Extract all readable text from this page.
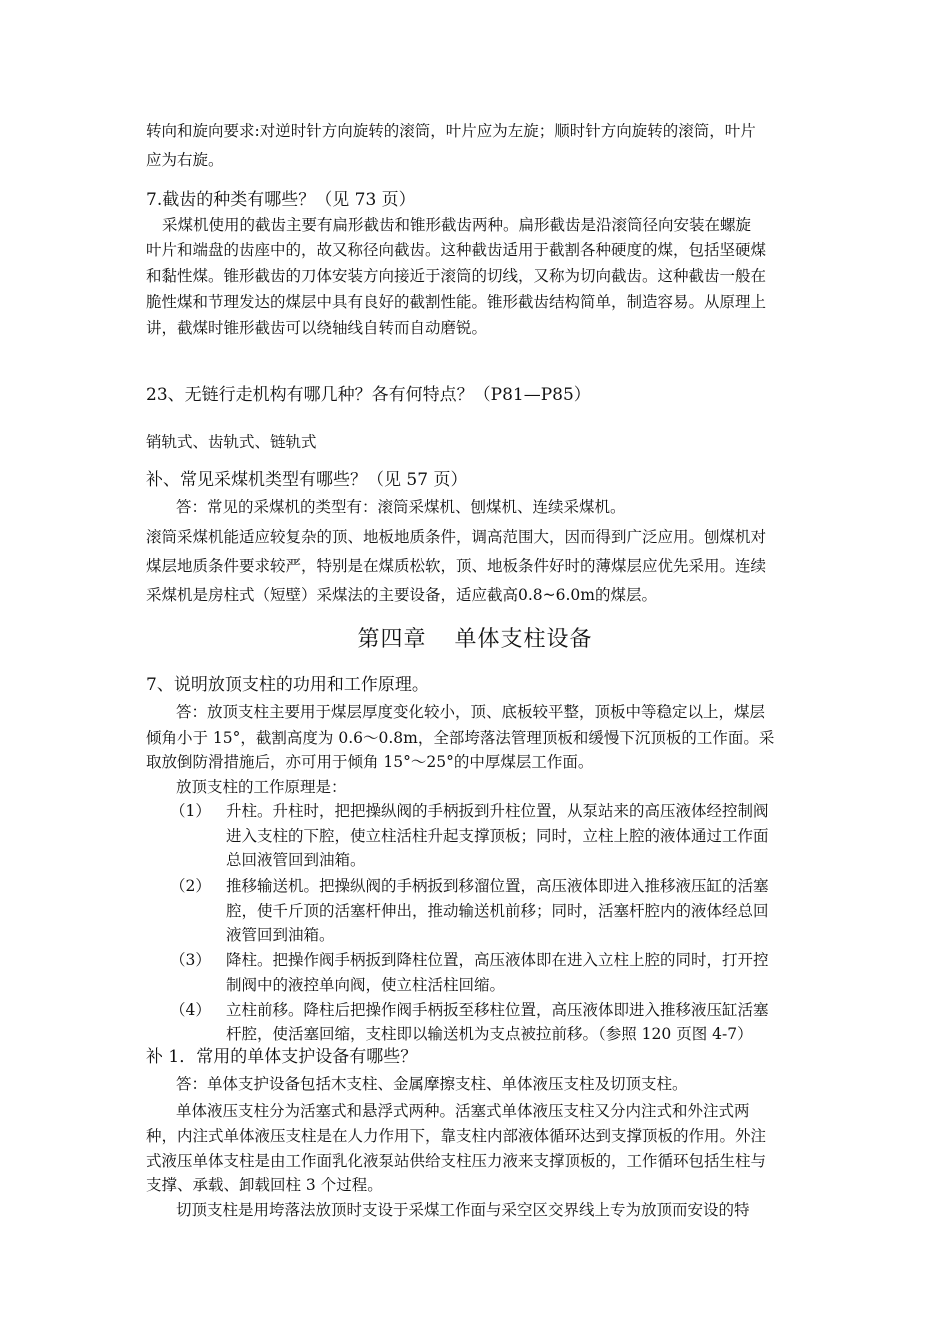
转向和旋向要求:对逆时针方向旋转的滚筒，叶片应为左旋；顺时针方向旋转的滚筒，叶片
应为右旋。
7.截齿的种类有哪些？（见 73 页）
采煤机使用的截齿主要有扁形截齿和锥形截齿两种。扁形截齿是沿滚筒径向安装在螺旋
叶片和端盘的齿座中的，故又称径向截齿。这种截齿适用于截割各种硬度的煤，包括坚硬煤
和黏性煤。锥形截齿的刀体安装方向接近于滚筒的切线，又称为切向截齿。这种截齿一般在
脆性煤和节理发达的煤层中具有良好的截割性能。锥形截齿结构简单，制造容易。从原理上
讲，截煤时锥形截齿可以绕轴线自转而自动磨锐。
23、无链行走机构有哪几种？各有何特点？（P81—P85）
销轨式、齿轨式、链轨式
补、常见采煤机类型有哪些？（见 57 页）
答：常见的采煤机的类型有：滚筒采煤机、刨煤机、连续采煤机。
滚筒采煤机能适应较复杂的顶、地板地质条件，调高范围大，因而得到广泛应用。刨煤机对
煤层地质条件要求较严，特别是在煤质松软，顶、地板条件好时的薄煤层应优先采用。连续
采煤机是房柱式（短壁）采煤法的主要设备，适应截高0.8~6.0m的煤层。
第四章 单体支柱设备
7、说明放顶支柱的功用和工作原理。
答：放顶支柱主要用于煤层厚度变化较小，顶、底板较平整，顶板中等稳定以上，煤层
倾角小于 15°，截割高度为 0.6～0.8m，全部垮落法管理顶板和缓慢下沉顶板的工作面。采
取放倒防滑措施后，亦可用于倾角 15°～25°的中厚煤层工作面。
放顶支柱的工作原理是：
（1） 升柱。升柱时，把把操纵阀的手柄扳到升柱位置，从泵站来的高压液体经控制阀
进入支柱的下腔，使立柱活柱升起支撑顶板；同时，立柱上腔的液体通过工作面
总回液管回到油箱。
（2） 推移输送机。把操纵阀的手柄扳到移溜位置，高压液体即进入推移液压缸的活塞
腔，使千斤顶的活塞杆伸出，推动输送机前移；同时，活塞杆腔内的液体经总回
液管回到油箱。
（3） 降柱。把操作阀手柄扳到降柱位置，高压液体即在进入立柱上腔的同时，打开控
制阀中的液控单向阀，使立柱活柱回缩。
（4） 立柱前移。降柱后把操作阀手柄扳至移柱位置，高压液体即进入推移液压缸活塞
杆腔，使活塞回缩，支柱即以输送机为支点被拉前移。（参照 120 页图 4-7）
补 1．常用的单体支护设备有哪些？
答：单体支护设备包括木支柱、金属摩擦支柱、单体液压支柱及切顶支柱。
单体液压支柱分为活塞式和悬浮式两种。活塞式单体液压支柱又分内注式和外注式两
种，内注式单体液压支柱是在人力作用下，靠支柱内部液体循环达到支撑顶板的作用。外注
式液压单体支柱是由工作面乳化液泵站供给支柱压力液来支撑顶板的，工作循环包括生柱与
支撑、承载、卸载回柱 3 个过程。
切顶支柱是用垮落法放顶时支设于采煤工作面与采空区交界线上专为放顶而安设的特
